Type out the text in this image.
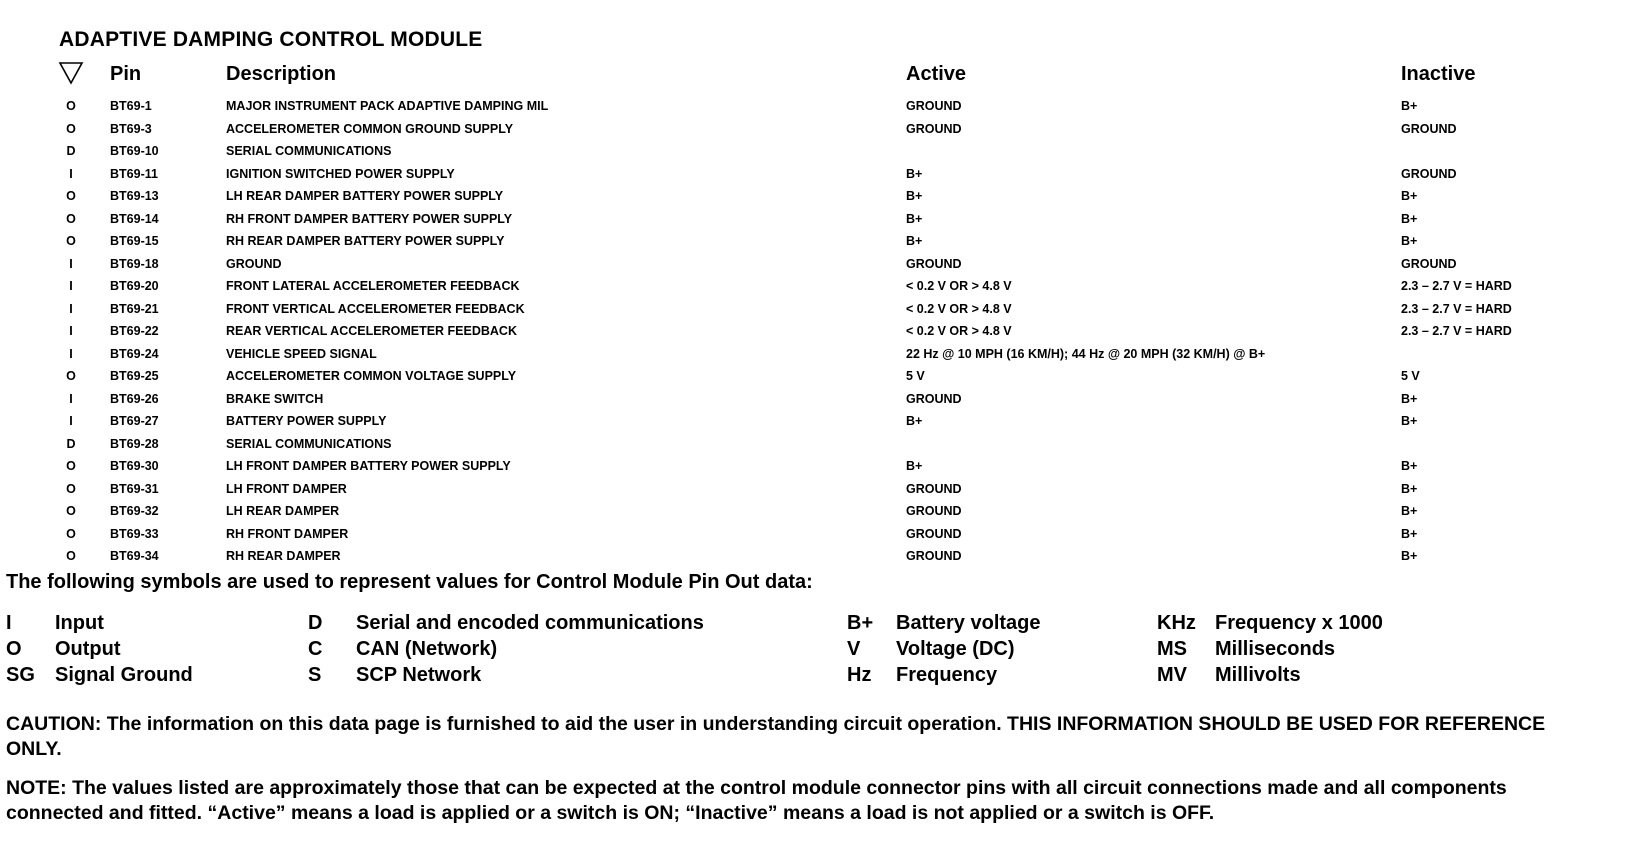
ADAPTIVE DAMPING CONTROL MODULE
Pin	Description	Active	Inactive
O	BT69-1	MAJOR INSTRUMENT PACK ADAPTIVE DAMPING MIL	GROUND	B+
O	BT69-3	ACCELEROMETER COMMON GROUND SUPPLY	GROUND	GROUND
D	BT69-10	SERIAL COMMUNICATIONS
I	BT69-11	IGNITION SWITCHED POWER SUPPLY	B+	GROUND
O	BT69-13	LH REAR DAMPER BATTERY POWER SUPPLY	B+	B+
O	BT69-14	RH FRONT DAMPER BATTERY POWER SUPPLY	B+	B+
O	BT69-15	RH REAR DAMPER BATTERY POWER SUPPLY	B+	B+
I	BT69-18	GROUND	GROUND	GROUND
I	BT69-20	FRONT LATERAL ACCELEROMETER FEEDBACK	< 0.2 V OR > 4.8 V	2.3 – 2.7 V = HARD
I	BT69-21	FRONT VERTICAL ACCELEROMETER FEEDBACK	< 0.2 V OR > 4.8 V	2.3 – 2.7 V = HARD
I	BT69-22	REAR VERTICAL ACCELEROMETER FEEDBACK	< 0.2 V OR > 4.8 V	2.3 – 2.7 V = HARD
I	BT69-24	VEHICLE SPEED SIGNAL	22 Hz @ 10 MPH (16 KM/H); 44 Hz @ 20 MPH (32 KM/H) @ B+
O	BT69-25	ACCELEROMETER COMMON VOLTAGE SUPPLY	5 V	5 V
I	BT69-26	BRAKE SWITCH	GROUND	B+
I	BT69-27	BATTERY POWER SUPPLY	B+	B+
D	BT69-28	SERIAL COMMUNICATIONS
O	BT69-30	LH FRONT DAMPER BATTERY POWER SUPPLY	B+	B+
O	BT69-31	LH FRONT DAMPER	GROUND	B+
O	BT69-32	LH REAR DAMPER	GROUND	B+
O	BT69-33	RH FRONT DAMPER	GROUND	B+
O	BT69-34	RH REAR DAMPER	GROUND	B+
The following symbols are used to represent values for Control Module Pin Out data:
I Input
O Output
SG Signal Ground
D Serial and encoded communications
C CAN (Network)
S SCP Network
B+ Battery voltage
V Voltage (DC)
Hz Frequency
KHz Frequency x 1000
MS Milliseconds
MV Millivolts
CAUTION: The information on this data page is furnished to aid the user in understanding circuit operation. THIS INFORMATION SHOULD BE USED FOR REFERENCE ONLY.
NOTE: The values listed are approximately those that can be expected at the control module connector pins with all circuit connections made and all components connected and fitted. “Active” means a load is applied or a switch is ON; “Inactive” means a load is not applied or a switch is OFF.
